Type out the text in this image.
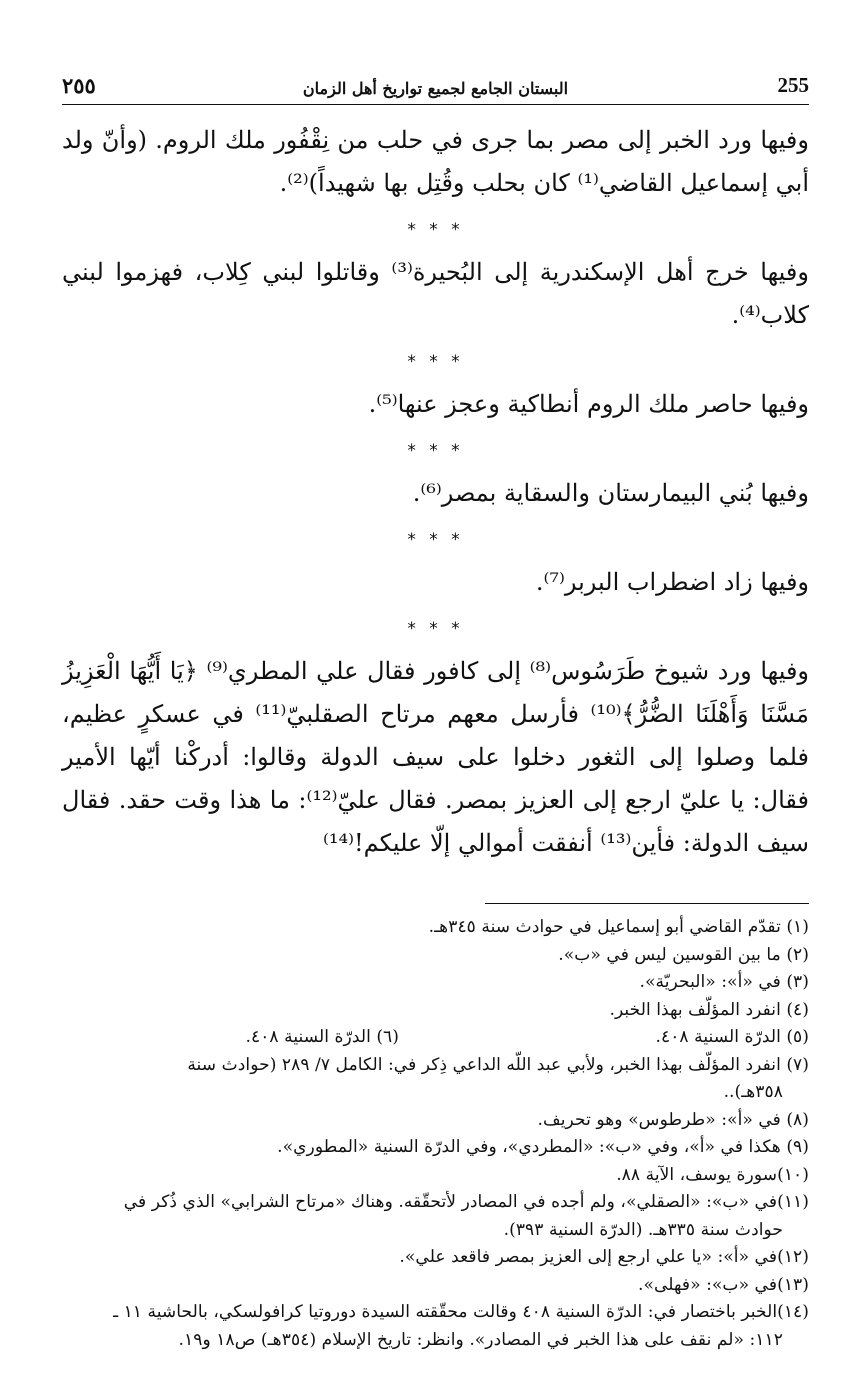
255
البستان الجامع لجميع تواريخ أهل الزمان
٢٥٥

وفيها ورد الخبر إلى مصر بما جرى في حلب من نِقْفُور ملك الروم. (وأنّ ولد

أبي إسماعيل القاضي⁽¹⁾ كان بحلب وقُتِل بها شهيداً)⁽²⁾.

* * *

وفيها خرج أهل الإسكندرية إلى البُحيرة⁽³⁾ وقاتلوا لبني كِلاب، فهزموا لبني كلاب⁽⁴⁾.

* * *

وفيها حاصر ملك الروم أنطاكية وعجز عنها⁽⁵⁾.

* * *

وفيها بُني البيمارستان والسقاية بمصر⁽⁶⁾.

* * *

وفيها زاد اضطراب البربر⁽⁷⁾.

* * *

وفيها ورد شيوخ طَرَسُوس⁽⁸⁾ إلى كافور فقال علي المطري⁽⁹⁾ ﴿يَا أَيُّهَا الْعَزِيزُ مَسَّنَا وَأَهْلَنَا الضُّرُّ﴾⁽¹⁰⁾ فأرسل معهم مرتاح الصقلبيّ⁽¹¹⁾ في عسكرٍ عظيم، فلما وصلوا إلى الثغور دخلوا على سيف الدولة وقالوا: أدركْنا أيّها الأمير فقال: يا عليّ ارجع إلى العزيز بمصر. فقال عليّ⁽¹²⁾: ما هذا وقت حقد. فقال سيف الدولة: فأين⁽¹³⁾ أنفقت أموالي إلّا عليكم!⁽¹⁴⁾

(١) تقدّم القاضي أبو إسماعيل في حوادث سنة ٣٤٥هـ.
(٢) ما بين القوسين ليس في «ب».
(٣) في «أ»: «البحريّة».
(٤) انفرد المؤلّف بهذا الخبر.
(٥) الدرّة السنية ٤٠٨.
(٦) الدرّة السنية ٤٠٨.
(٧) انفرد المؤلّف بهذا الخبر، ولأبي عبد اللّه الداعي ذِكر في: الكامل ٧/ ٢٨٩ (حوادث سنة
٣٥٨هـ)..
(٨) في «أ»: «طرطوس» وهو تحريف.
(٩) هكذا في «أ»، وفي «ب»: «المطردي»، وفي الدرّة السنية «المطوري».
(١٠)سورة يوسف، الآية ٨٨.
(١١)في «ب»: «الصقلي»، ولم أجده في المصادر لأتحقّقه. وهناك «مرتاح الشرابي» الذي ذُكر في
حوادث سنة ٣٣٥هـ. (الدرّة السنية ٣٩٣).
(١٢)في «أ»: «يا علي ارجع إلى العزيز بمصر فاقعد علي».
(١٣)في «ب»: «فهلى».
(١٤)الخبر باختصار في: الدرّة السنية ٤٠٨ وقالت محقّقته السيدة دوروتيا كرافولسكي، بالحاشية ١١ ـ
١١٢: «لم نقف على هذا الخبر في المصادر». وانظر: تاريخ الإسلام (٣٥٤هـ) ص١٨ و١٩.
